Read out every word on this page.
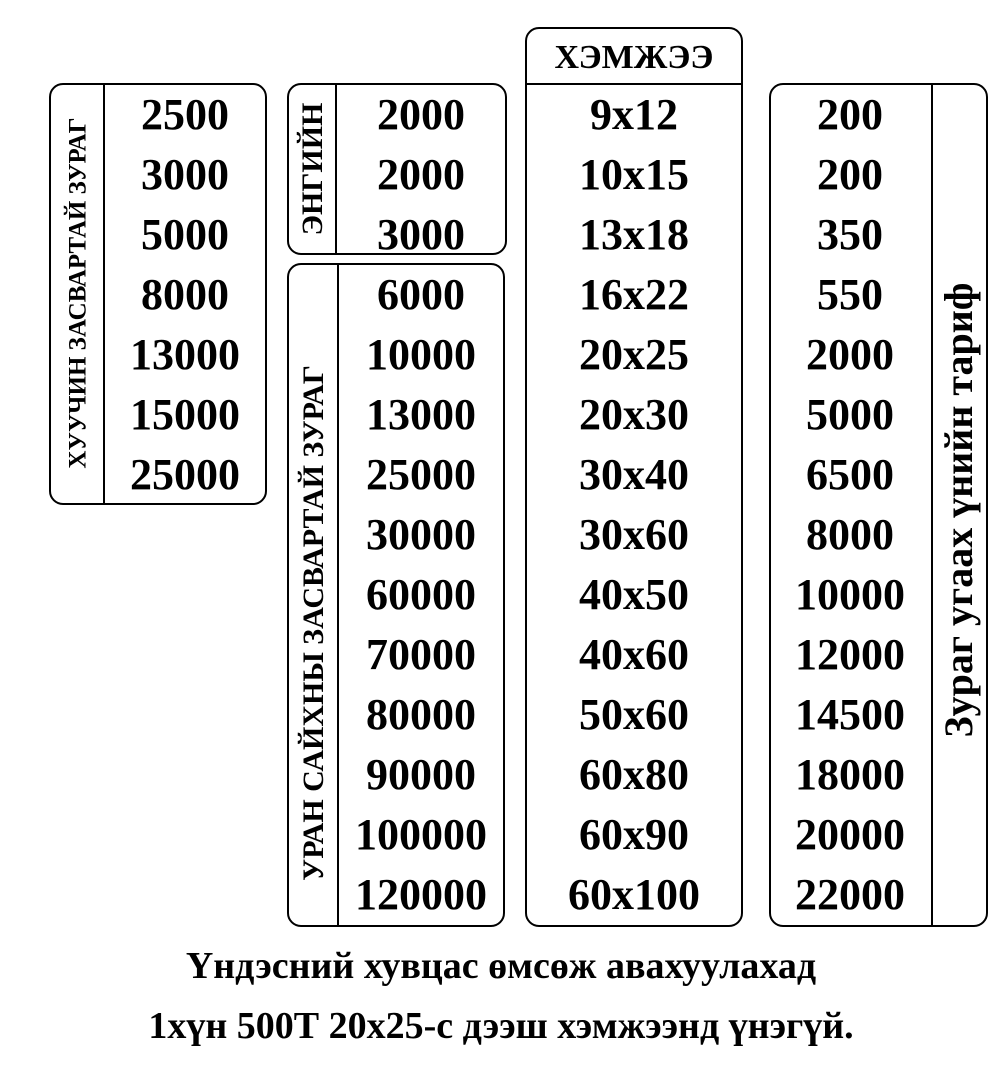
ХУУЧИН ЗАСВАРТАЙ ЗУРАГ
2500
3000
5000
8000
13000
15000
25000
ЭНГИЙН	2000
2000
3000
УРАН САЙХНЫ ЗАСВАРТАЙ ЗУРАГ
6000
10000
13000
25000
30000
60000
70000
80000
90000
100000
120000
ХЭМЖЭЭ
9x12
10x15
13x18
16x22
20x25
20x30
30x40
30x60
40x50
40x60
50x60
60x80
60x90
60x100
200
200
350
550
2000
5000
6500
8000
10000
12000
14500
18000
20000
22000
Зураг угаах үнийн тариф
Үндэсний хувцас өмсөж авахуулахад
1хүн 500Т 20x25-с дээш хэмжээнд үнэгүй.
